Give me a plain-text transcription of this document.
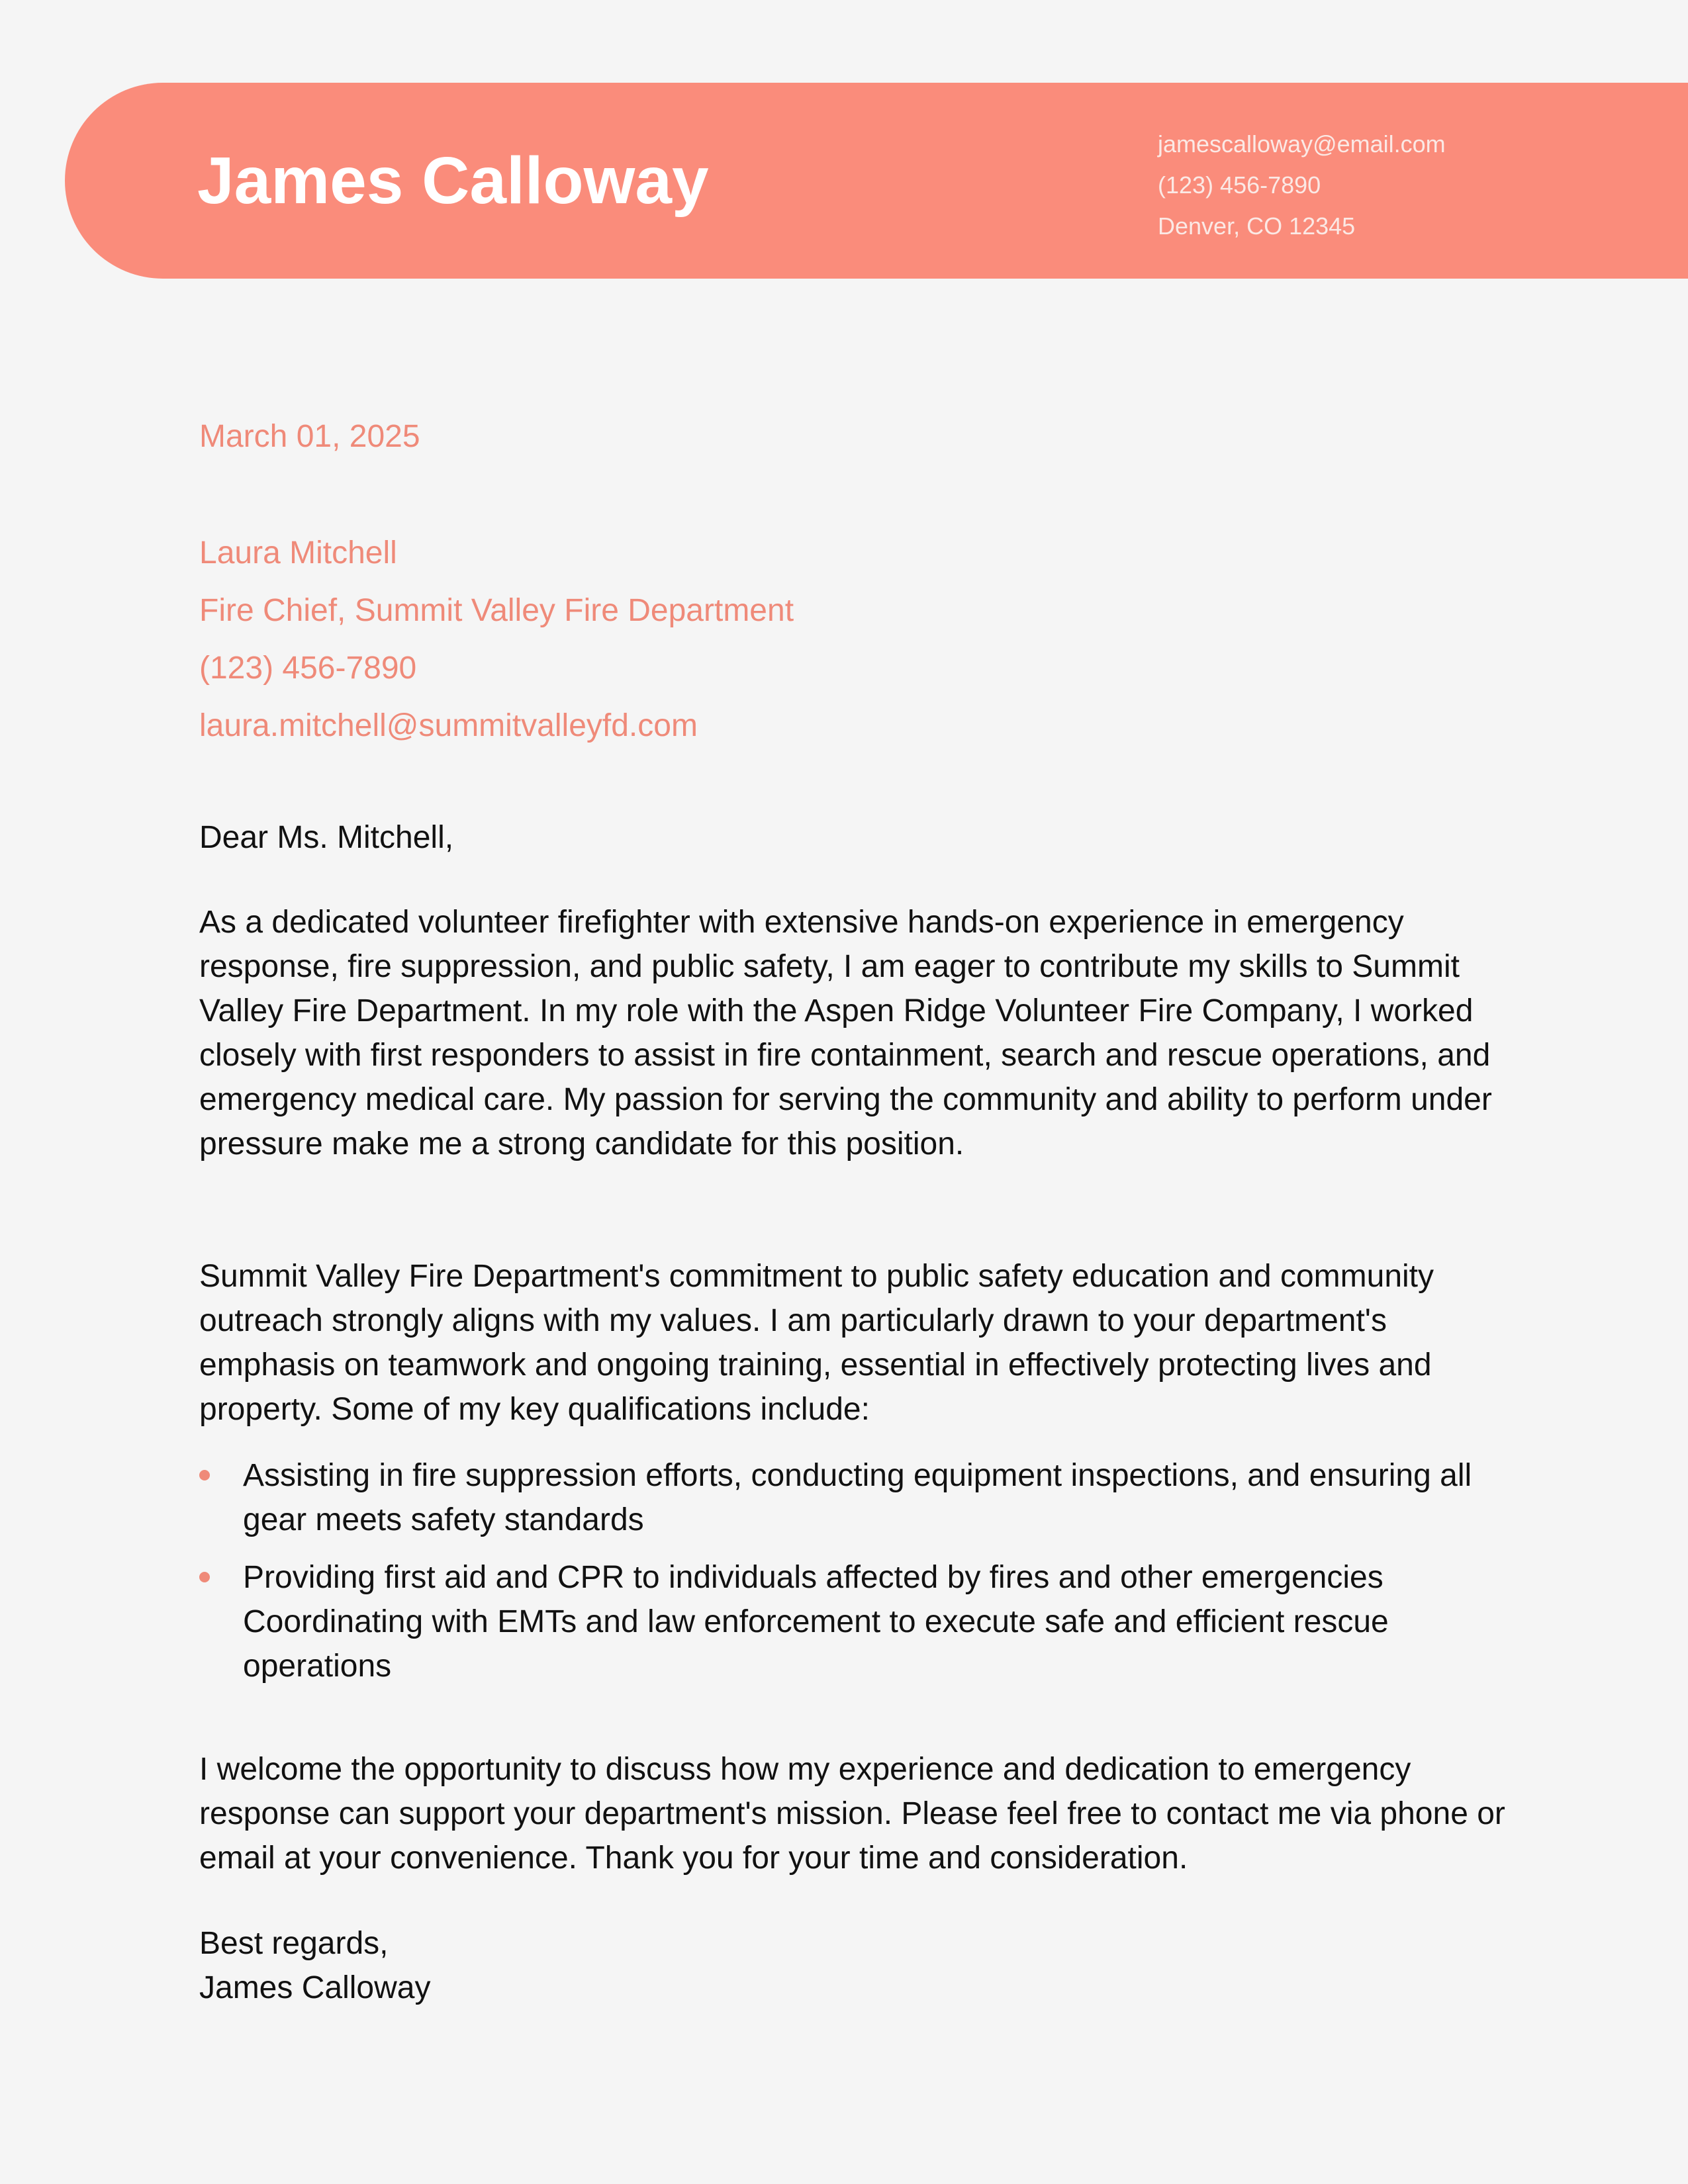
James Calloway	jamescalloway@email.com
(123) 456-7890
Denver, CO 12345
March 01, 2025
Laura Mitchell
Fire Chief, Summit Valley Fire Department
(123) 456-7890
laura.mitchell@summitvalleyfd.com
Dear Ms. Mitchell,

As a dedicated volunteer firefighter with extensive hands-on experience in emergency response, fire suppression, and public safety, I am eager to contribute my skills to Summit Valley Fire Department. In my role with the Aspen Ridge Volunteer Fire Company, I worked closely with first responders to assist in fire containment, search and rescue operations, and emergency medical care. My passion for serving the community and ability to perform under pressure make me a strong candidate for this position.

Summit Valley Fire Department's commitment to public safety education and community outreach strongly aligns with my values. I am particularly drawn to your department's emphasis on teamwork and ongoing training, essential in effectively protecting lives and property. Some of my key qualifications include:

Assisting in fire suppression efforts, conducting equipment inspections, and ensuring all gear meets safety standards
Providing first aid and CPR to individuals affected by fires and other emergencies Coordinating with EMTs and law enforcement to execute safe and efficient rescue operations

I welcome the opportunity to discuss how my experience and dedication to emergency response can support your department's mission. Please feel free to contact me via phone or email at your convenience. Thank you for your time and consideration.

Best regards,
James Calloway
